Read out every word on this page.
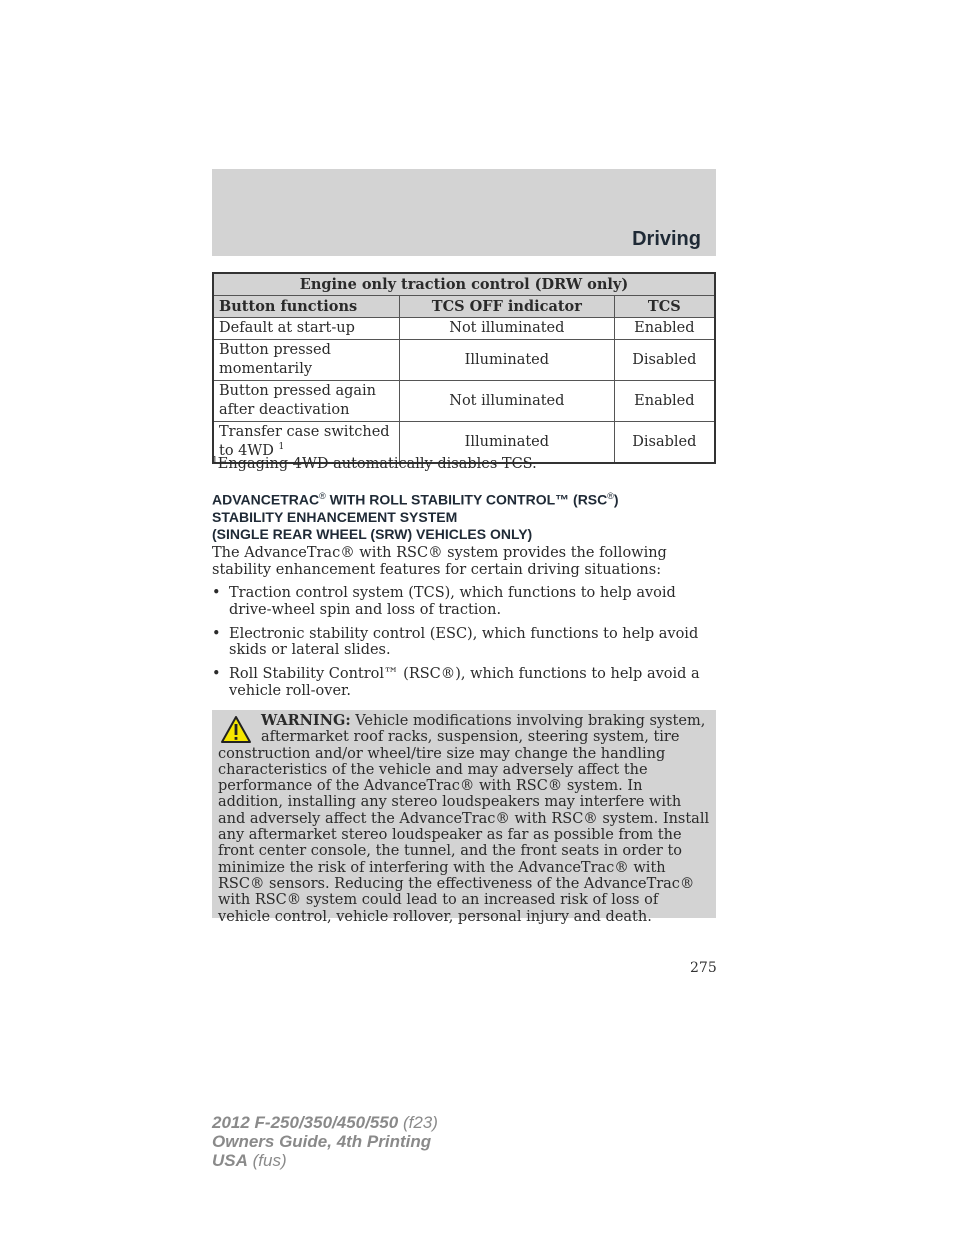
Driving
Engine only traction control (DRW only)		
Button functions	TCS OFF indicator	TCS
Default at start-up	Not illuminated	Enabled
Button pressed momentarily	Illuminated	Disabled
Button pressed again after deactivation	Not illuminated	Enabled
Transfer case switched to 4WD $^1$	Illuminated	Disabled
$^1$Engaging 4WD automatically disables TCS.
ADVANCETRAC® WITH ROLL STABILITY CONTROL™ (RSC®)
STABILITY ENHANCEMENT SYSTEM
(SINGLE REAR WHEEL (SRW) VEHICLES ONLY)
The AdvanceTrac® with RSC® system provides the following stability enhancement features for certain driving situations:
• Traction control system (TCS), which functions to help avoid drive-wheel spin and loss of traction.
• Electronic stability control (ESC), which functions to help avoid skids or lateral slides.
• Roll Stability Control™ (RSC®), which functions to help avoid a vehicle roll-over.
WARNING: Vehicle modifications involving braking system, aftermarket roof racks, suspension, steering system, tire construction and/or wheel/tire size may change the handling characteristics of the vehicle and may adversely affect the performance of the AdvanceTrac® with RSC® system. In addition, installing any stereo loudspeakers may interfere with and adversely affect the AdvanceTrac® with RSC® system. Install any aftermarket stereo loudspeaker as far as possible from the front center console, the tunnel, and the front seats in order to minimize the risk of interfering with the AdvanceTrac® with RSC® sensors. Reducing the effectiveness of the AdvanceTrac® with RSC® system could lead to an increased risk of loss of vehicle control, vehicle rollover, personal injury and death.
275
2012 F-250/350/450/550 (f23)
Owners Guide, 4th Printing
USA (fus)
